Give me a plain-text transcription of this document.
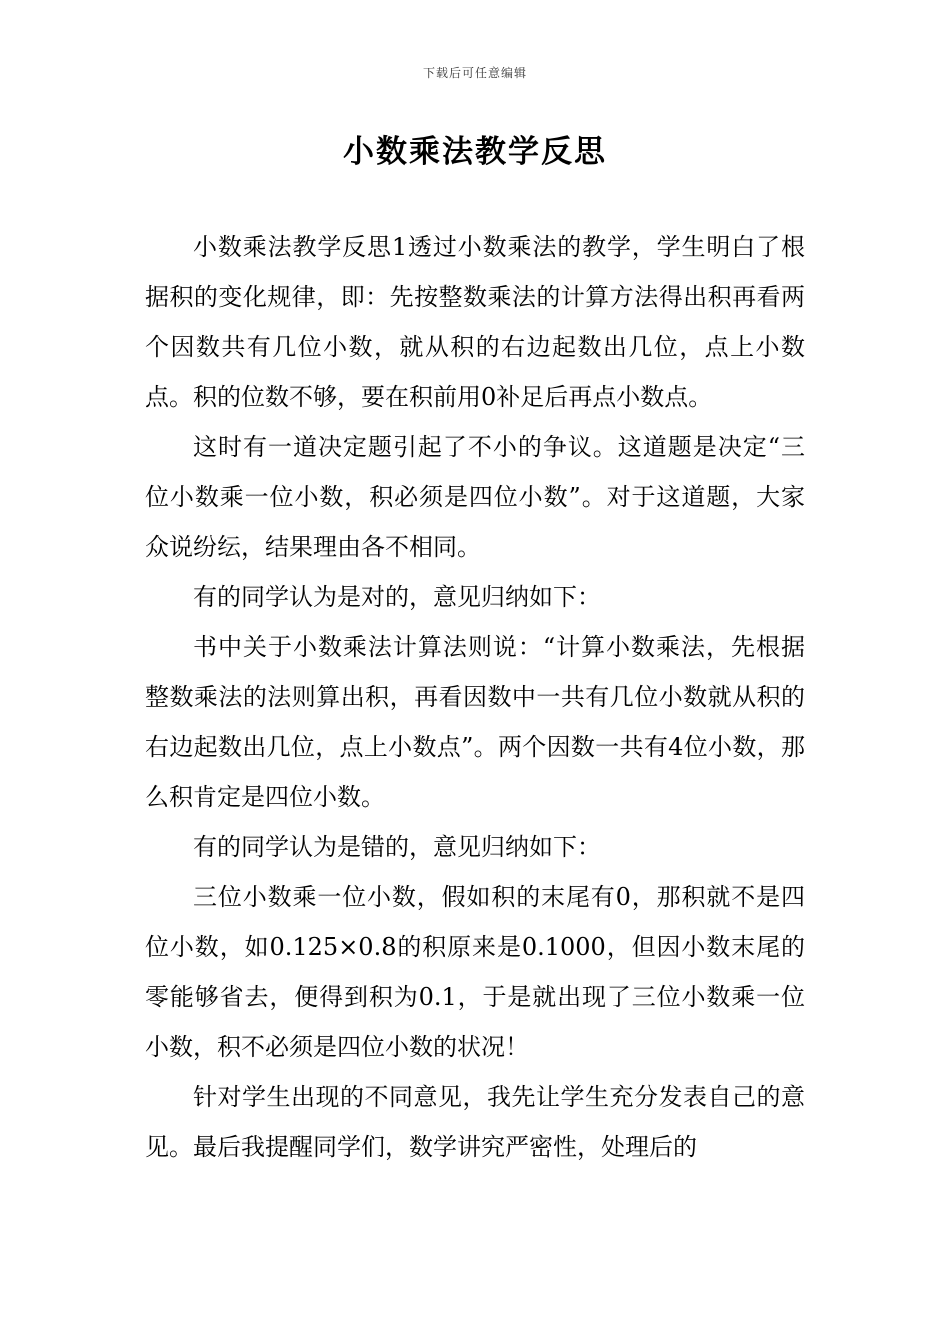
下载后可任意编辑
小数乘法教学反思

小数乘法教学反思1透过小数乘法的教学，学生明白了根据积的变化规律，即：先按整数乘法的计算方法得出积再看两个因数共有几位小数，就从积的右边起数出几位，点上小数点。积的位数不够，要在积前用0补足后再点小数点。

这时有一道决定题引起了不小的争议。这道题是决定“三位小数乘一位小数，积必须是四位小数”。对于这道题，大家众说纷纭，结果理由各不相同。

有的同学认为是对的，意见归纳如下：

书中关于小数乘法计算法则说：“计算小数乘法，先根据整数乘法的法则算出积，再看因数中一共有几位小数就从积的右边起数出几位，点上小数点”。两个因数一共有4位小数，那么积肯定是四位小数。

有的同学认为是错的，意见归纳如下：

三位小数乘一位小数，假如积的末尾有0，那积就不是四位小数，如0.125×0.8的积原来是0.1000，但因小数末尾的零能够省去，便得到积为0.1，于是就出现了三位小数乘一位小数，积不必须是四位小数的状况！

针对学生出现的不同意见，我先让学生充分发表自己的意见。最后我提醒同学们，数学讲究严密性，处理后的
